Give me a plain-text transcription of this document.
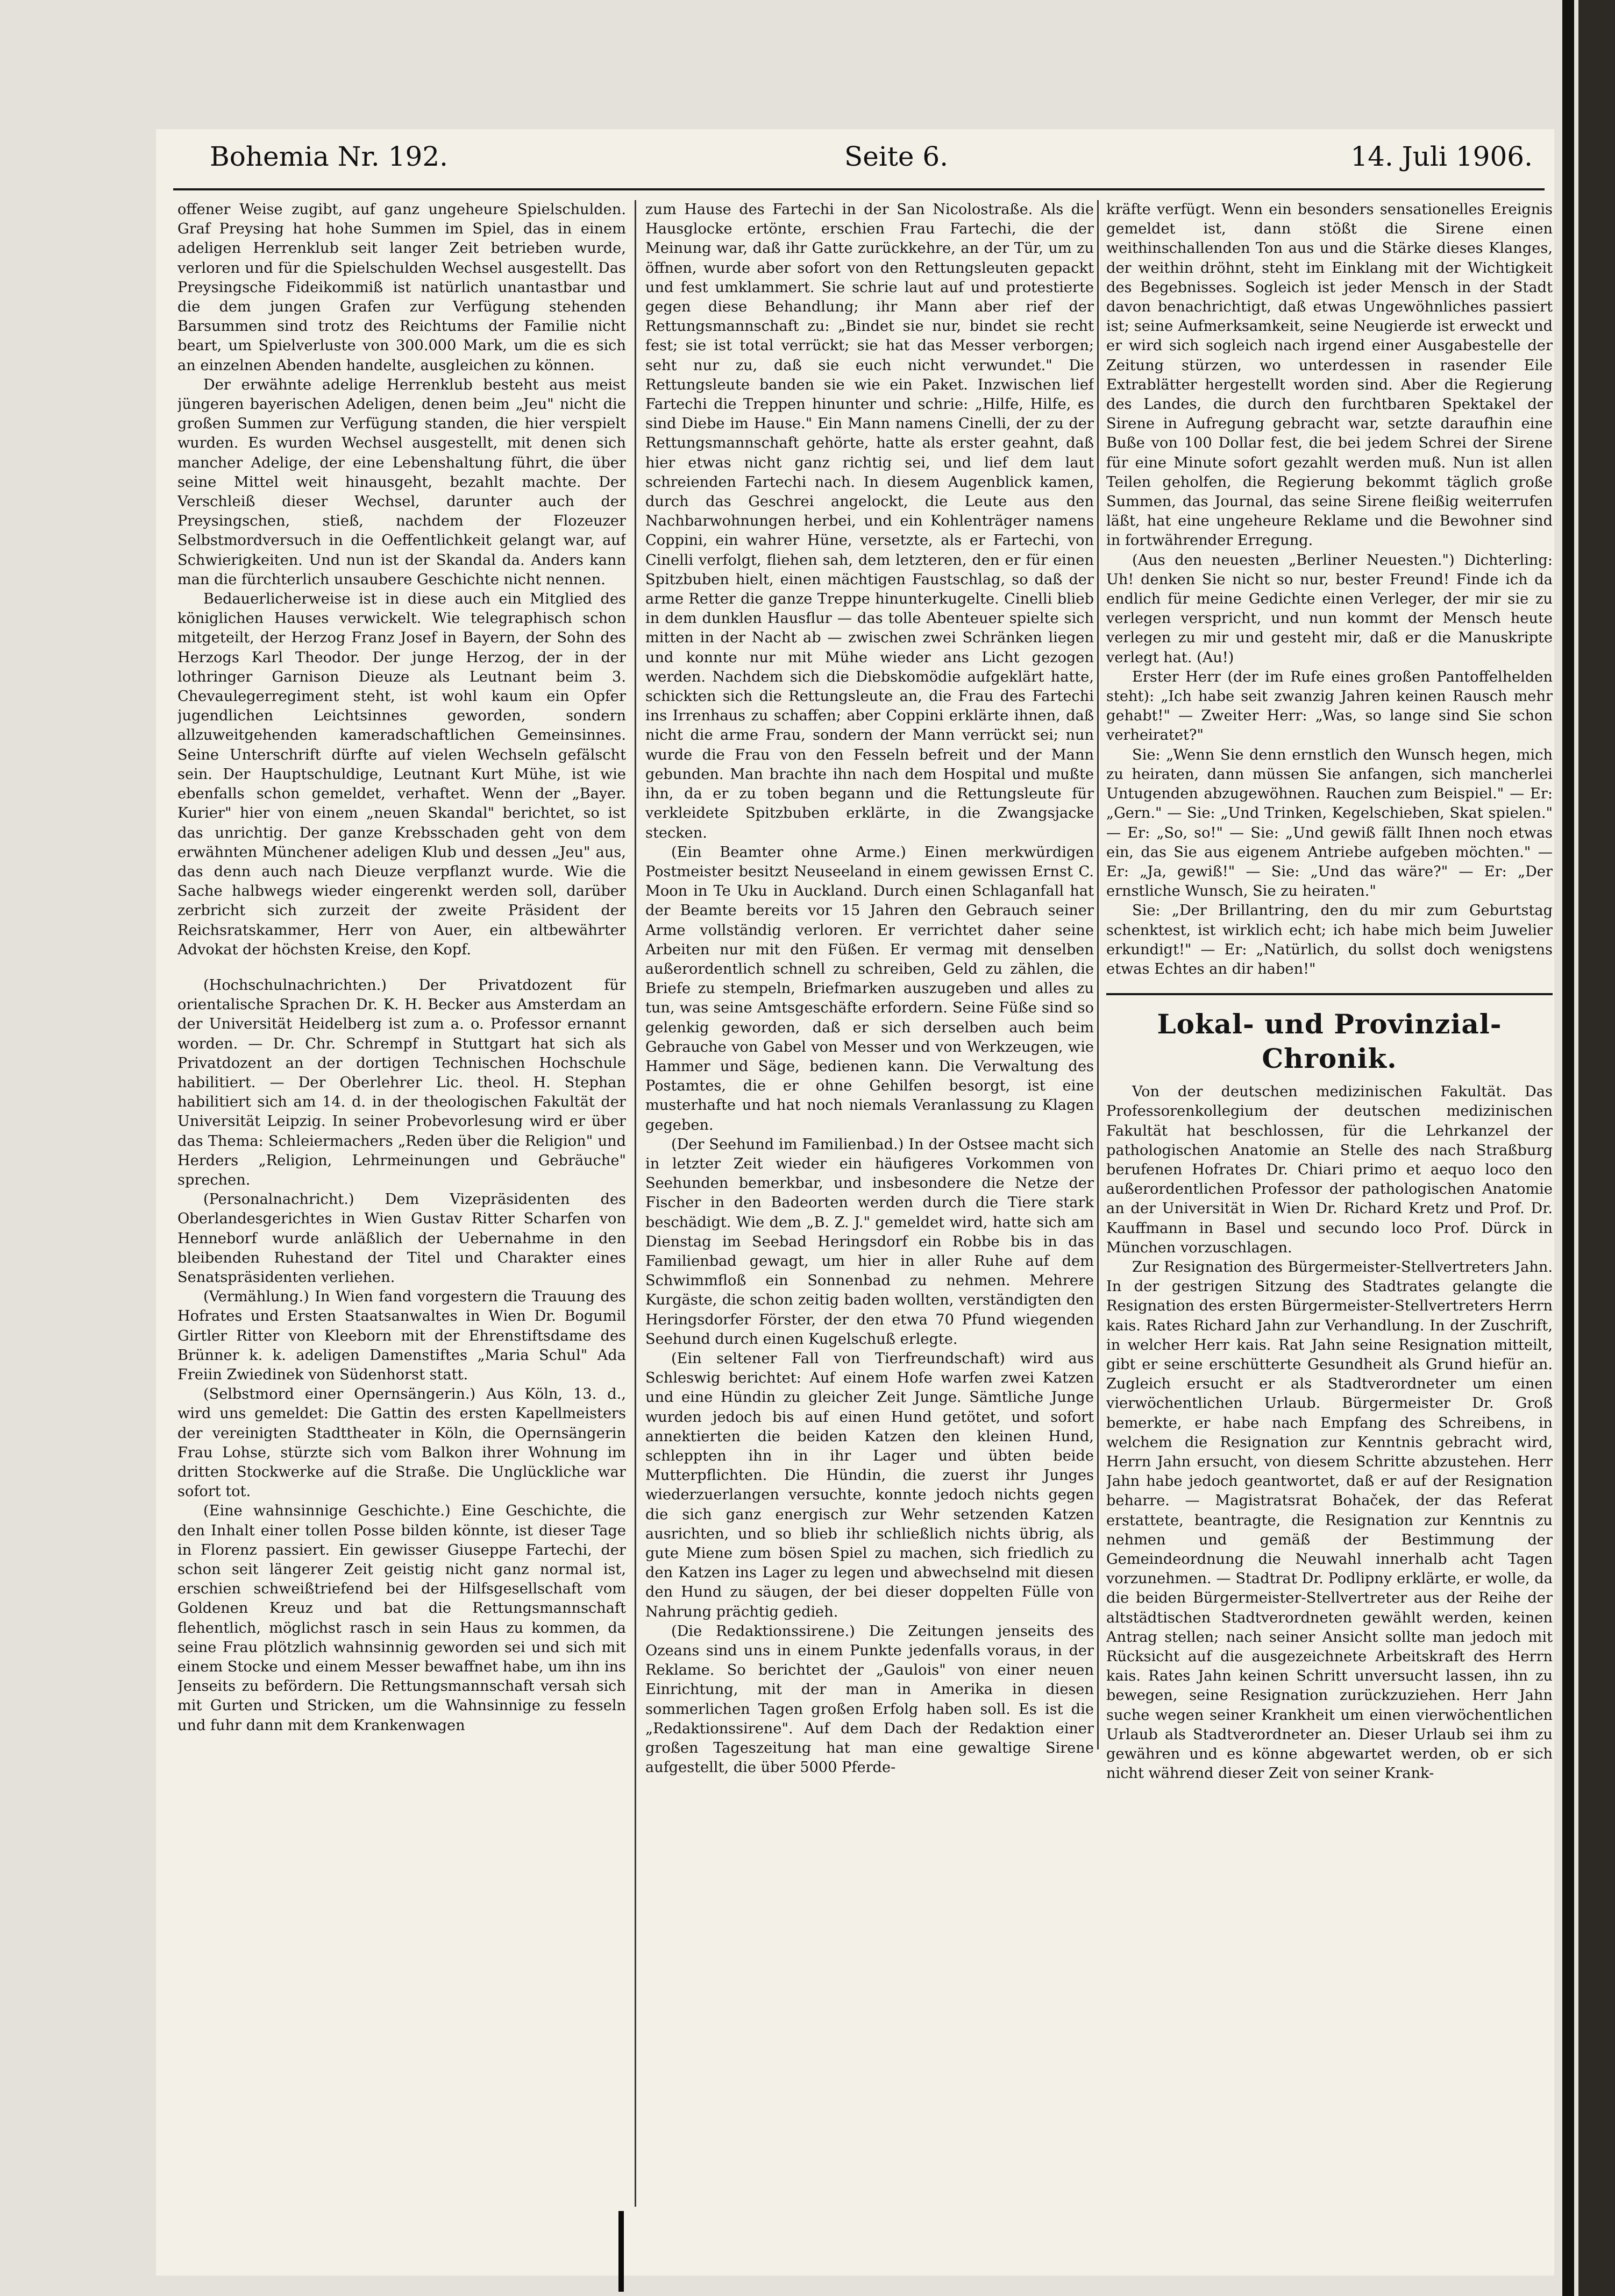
Bohemia Nr. 192.	Seite 6.	14. Juli 1906.

offener Weise zugibt, auf ganz ungeheure Spielschulden. Graf Preysing hat hohe Summen im Spiel, das in einem adeligen Herrenklub seit langer Zeit betrieben wurde, verloren und für die Spielschulden Wechsel ausgestellt. Das Preysingsche Fideikommiß ist natürlich unantastbar und die dem jungen Grafen zur Verfügung stehenden Barsummen sind trotz des Reichtums der Familie nicht beart, um Spielverluste von 300.000 Mark, um die es sich an einzelnen Abenden handelte, ausgleichen zu können.

Der erwähnte adelige Herrenklub besteht aus meist jüngeren bayerischen Adeligen, denen beim „Jeu" nicht die großen Summen zur Verfügung standen, die hier verspielt wurden. Es wurden Wechsel ausgestellt, mit denen sich mancher Adelige, der eine Lebenshaltung führt, die über seine Mittel weit hinausgeht, bezahlt machte. Der Verschleiß dieser Wechsel, darunter auch der Preysingschen, stieß, nachdem der Flozeuzer Selbstmordversuch in die Oeffentlichkeit gelangt war, auf Schwierigkeiten. Und nun ist der Skandal da. Anders kann man die fürchterlich unsaubere Geschichte nicht nennen.

Bedauerlicherweise ist in diese auch ein Mitglied des königlichen Hauses verwickelt. Wie telegraphisch schon mitgeteilt, der Herzog Franz Josef in Bayern, der Sohn des Herzogs Karl Theodor. Der junge Herzog, der in der lothringer Garnison Dieuze als Leutnant beim 3. Chevaulegerregiment steht, ist wohl kaum ein Opfer jugendlichen Leichtsinnes geworden, sondern allzuweitgehenden kameradschaftlichen Gemeinsinnes. Seine Unterschrift dürfte auf vielen Wechseln gefälscht sein. Der Hauptschuldige, Leutnant Kurt Mühe, ist wie ebenfalls schon gemeldet, verhaftet. Wenn der „Bayer. Kurier" hier von einem „neuen Skandal" berichtet, so ist das unrichtig. Der ganze Krebsschaden geht von dem erwähnten Münchener adeligen Klub und dessen „Jeu" aus, das denn auch nach Dieuze verpflanzt wurde. Wie die Sache halbwegs wieder eingerenkt werden soll, darüber zerbricht sich zurzeit der zweite Präsident der Reichsratskammer, Herr von Auer, ein altbewährter Advokat der höchsten Kreise, den Kopf.

(Hochschulnachrichten.) Der Privatdozent für orientalische Sprachen Dr. K. H. Becker aus Amsterdam an der Universität Heidelberg ist zum a. o. Professor ernannt worden. — Dr. Chr. Schrempf in Stuttgart hat sich als Privatdozent an der dortigen Technischen Hochschule habilitiert. — Der Oberlehrer Lic. theol. H. Stephan habilitiert sich am 14. d. in der theologischen Fakultät der Universität Leipzig. In seiner Probevorlesung wird er über das Thema: Schleiermachers „Reden über die Religion" und Herders „Religion, Lehrmeinungen und Gebräuche" sprechen.

(Personalnachricht.) Dem Vizepräsidenten des Oberlandesgerichtes in Wien Gustav Ritter Scharfen von Henneborf wurde anläßlich der Uebernahme in den bleibenden Ruhestand der Titel und Charakter eines Senatspräsidenten verliehen.

(Vermählung.) In Wien fand vorgestern die Trauung des Hofrates und Ersten Staatsanwaltes in Wien Dr. Bogumil Girtler Ritter von Kleeborn mit der Ehrenstiftsdame des Brünner k. k. adeligen Damenstiftes „Maria Schul" Ada Freiin Zwiedinek von Südenhorst statt.

(Selbstmord einer Opernsängerin.) Aus Köln, 13. d., wird uns gemeldet: Die Gattin des ersten Kapellmeisters der vereinigten Stadttheater in Köln, die Opernsängerin Frau Lohse, stürzte sich vom Balkon ihrer Wohnung im dritten Stockwerke auf die Straße. Die Unglückliche war sofort tot.

(Eine wahnsinnige Geschichte.) Eine Geschichte, die den Inhalt einer tollen Posse bilden könnte, ist dieser Tage in Florenz passiert. Ein gewisser Giuseppe Fartechi, der schon seit längerer Zeit geistig nicht ganz normal ist, erschien schweißtriefend bei der Hilfsgesellschaft vom Goldenen Kreuz und bat die Rettungsmannschaft flehentlich, möglichst rasch in sein Haus zu kommen, da seine Frau plötzlich wahnsinnig geworden sei und sich mit einem Stocke und einem Messer bewaffnet habe, um ihn ins Jenseits zu befördern. Die Rettungsmannschaft versah sich mit Gurten und Stricken, um die Wahnsinnige zu fesseln und fuhr dann mit dem Krankenwagen

zum Hause des Fartechi in der San Nicolostraße. Als die Hausglocke ertönte, erschien Frau Fartechi, die der Meinung war, daß ihr Gatte zurückkehre, an der Tür, um zu öffnen, wurde aber sofort von den Rettungsleuten gepackt und fest umklammert. Sie schrie laut auf und protestierte gegen diese Behandlung; ihr Mann aber rief der Rettungsmannschaft zu: „Bindet sie nur, bindet sie recht fest; sie ist total verrückt; sie hat das Messer verborgen; seht nur zu, daß sie euch nicht verwundet." Die Rettungsleute banden sie wie ein Paket. Inzwischen lief Fartechi die Treppen hinunter und schrie: „Hilfe, Hilfe, es sind Diebe im Hause." Ein Mann namens Cinelli, der zu der Rettungsmannschaft gehörte, hatte als erster geahnt, daß hier etwas nicht ganz richtig sei, und lief dem laut schreienden Fartechi nach. In diesem Augenblick kamen, durch das Geschrei angelockt, die Leute aus den Nachbarwohnungen herbei, und ein Kohlenträger namens Coppini, ein wahrer Hüne, versetzte, als er Fartechi, von Cinelli verfolgt, fliehen sah, dem letzteren, den er für einen Spitzbuben hielt, einen mächtigen Faustschlag, so daß der arme Retter die ganze Treppe hinunterkugelte. Cinelli blieb in dem dunklen Hausflur — das tolle Abenteuer spielte sich mitten in der Nacht ab — zwischen zwei Schränken liegen und konnte nur mit Mühe wieder ans Licht gezogen werden. Nachdem sich die Diebskomödie aufgeklärt hatte, schickten sich die Rettungsleute an, die Frau des Fartechi ins Irrenhaus zu schaffen; aber Coppini erklärte ihnen, daß nicht die arme Frau, sondern der Mann verrückt sei; nun wurde die Frau von den Fesseln befreit und der Mann gebunden. Man brachte ihn nach dem Hospital und mußte ihn, da er zu toben begann und die Rettungsleute für verkleidete Spitzbuben erklärte, in die Zwangsjacke stecken.

(Ein Beamter ohne Arme.) Einen merkwürdigen Postmeister besitzt Neuseeland in einem gewissen Ernst C. Moon in Te Uku in Auckland. Durch einen Schlaganfall hat der Beamte bereits vor 15 Jahren den Gebrauch seiner Arme vollständig verloren. Er verrichtet daher seine Arbeiten nur mit den Füßen. Er vermag mit denselben außerordentlich schnell zu schreiben, Geld zu zählen, die Briefe zu stempeln, Briefmarken auszugeben und alles zu tun, was seine Amtsgeschäfte erfordern. Seine Füße sind so gelenkig geworden, daß er sich derselben auch beim Gebrauche von Gabel von Messer und von Werkzeugen, wie Hammer und Säge, bedienen kann. Die Verwaltung des Postamtes, die er ohne Gehilfen besorgt, ist eine musterhafte und hat noch niemals Veranlassung zu Klagen gegeben.

(Der Seehund im Familienbad.) In der Ostsee macht sich in letzter Zeit wieder ein häufigeres Vorkommen von Seehunden bemerkbar, und insbesondere die Netze der Fischer in den Badeorten werden durch die Tiere stark beschädigt. Wie dem „B. Z. J." gemeldet wird, hatte sich am Dienstag im Seebad Heringsdorf ein Robbe bis in das Familienbad gewagt, um hier in aller Ruhe auf dem Schwimmfloß ein Sonnenbad zu nehmen. Mehrere Kurgäste, die schon zeitig baden wollten, verständigten den Heringsdorfer Förster, der den etwa 70 Pfund wiegenden Seehund durch einen Kugelschuß erlegte.

(Ein seltener Fall von Tierfreundschaft) wird aus Schleswig berichtet: Auf einem Hofe warfen zwei Katzen und eine Hündin zu gleicher Zeit Junge. Sämtliche Junge wurden jedoch bis auf einen Hund getötet, und sofort annektierten die beiden Katzen den kleinen Hund, schleppten ihn in ihr Lager und übten beide Mutterpflichten. Die Hündin, die zuerst ihr Junges wiederzuerlangen versuchte, konnte jedoch nichts gegen die sich ganz energisch zur Wehr setzenden Katzen ausrichten, und so blieb ihr schließlich nichts übrig, als gute Miene zum bösen Spiel zu machen, sich friedlich zu den Katzen ins Lager zu legen und abwechselnd mit diesen den Hund zu säugen, der bei dieser doppelten Fülle von Nahrung prächtig gedieh.

(Die Redaktionssirene.) Die Zeitungen jenseits des Ozeans sind uns in einem Punkte jedenfalls voraus, in der Reklame. So berichtet der „Gaulois" von einer neuen Einrichtung, mit der man in Amerika in diesen sommerlichen Tagen großen Erfolg haben soll. Es ist die „Redaktionssirene". Auf dem Dach der Redaktion einer großen Tageszeitung hat man eine gewaltige Sirene aufgestellt, die über 5000 Pferde-

kräfte verfügt. Wenn ein besonders sensationelles Ereignis gemeldet ist, dann stößt die Sirene einen weithinschallenden Ton aus und die Stärke dieses Klanges, der weithin dröhnt, steht im Einklang mit der Wichtigkeit des Begebnisses. Sogleich ist jeder Mensch in der Stadt davon benachrichtigt, daß etwas Ungewöhnliches passiert ist; seine Aufmerksamkeit, seine Neugierde ist erweckt und er wird sich sogleich nach irgend einer Ausgabestelle der Zeitung stürzen, wo unterdessen in rasender Eile Extrablätter hergestellt worden sind. Aber die Regierung des Landes, die durch den furchtbaren Spektakel der Sirene in Aufregung gebracht war, setzte daraufhin eine Buße von 100 Dollar fest, die bei jedem Schrei der Sirene für eine Minute sofort gezahlt werden muß. Nun ist allen Teilen geholfen, die Regierung bekommt täglich große Summen, das Journal, das seine Sirene fleißig weiterrufen läßt, hat eine ungeheure Reklame und die Bewohner sind in fortwährender Erregung.

(Aus den neuesten „Berliner Neuesten.") Dichterling: Uh! denken Sie nicht so nur, bester Freund! Finde ich da endlich für meine Gedichte einen Verleger, der mir sie zu verlegen verspricht, und nun kommt der Mensch heute verlegen zu mir und gesteht mir, daß er die Manuskripte verlegt hat. (Au!)

Erster Herr (der im Rufe eines großen Pantoffelhelden steht): „Ich habe seit zwanzig Jahren keinen Rausch mehr gehabt!" — Zweiter Herr: „Was, so lange sind Sie schon verheiratet?"

Sie: „Wenn Sie denn ernstlich den Wunsch hegen, mich zu heiraten, dann müssen Sie anfangen, sich mancherlei Untugenden abzugewöhnen. Rauchen zum Beispiel." — Er: „Gern." — Sie: „Und Trinken, Kegelschieben, Skat spielen." — Er: „So, so!" — Sie: „Und gewiß fällt Ihnen noch etwas ein, das Sie aus eigenem Antriebe aufgeben möchten." — Er: „Ja, gewiß!" — Sie: „Und das wäre?" — Er: „Der ernstliche Wunsch, Sie zu heiraten."

Sie: „Der Brillantring, den du mir zum Geburtstag schenktest, ist wirklich echt; ich habe mich beim Juwelier erkundigt!" — Er: „Natürlich, du sollst doch wenigstens etwas Echtes an dir haben!"

Lokal- und Provinzial-Chronik.

Von der deutschen medizinischen Fakultät. Das Professorenkollegium der deutschen medizinischen Fakultät hat beschlossen, für die Lehrkanzel der pathologischen Anatomie an Stelle des nach Straßburg berufenen Hofrates Dr. Chiari primo et aequo loco den außerordentlichen Professor der pathologischen Anatomie an der Universität in Wien Dr. Richard Kretz und Prof. Dr. Kauffmann in Basel und secundo loco Prof. Dürck in München vorzuschlagen.

Zur Resignation des Bürgermeister-Stellvertreters Jahn. In der gestrigen Sitzung des Stadtrates gelangte die Resignation des ersten Bürgermeister-Stellvertreters Herrn kais. Rates Richard Jahn zur Verhandlung. In der Zuschrift, in welcher Herr kais. Rat Jahn seine Resignation mitteilt, gibt er seine erschütterte Gesundheit als Grund hiefür an. Zugleich ersucht er als Stadtverordneter um einen vierwöchentlichen Urlaub. Bürgermeister Dr. Groß bemerkte, er habe nach Empfang des Schreibens, in welchem die Resignation zur Kenntnis gebracht wird, Herrn Jahn ersucht, von diesem Schritte abzustehen. Herr Jahn habe jedoch geantwortet, daß er auf der Resignation beharre. — Magistratsrat Bohaček, der das Referat erstattete, beantragte, die Resignation zur Kenntnis zu nehmen und gemäß der Bestimmung der Gemeindeordnung die Neuwahl innerhalb acht Tagen vorzunehmen. — Stadtrat Dr. Podlipny erklärte, er wolle, da die beiden Bürgermeister-Stellvertreter aus der Reihe der altstädtischen Stadtverordneten gewählt werden, keinen Antrag stellen; nach seiner Ansicht sollte man jedoch mit Rücksicht auf die ausgezeichnete Arbeitskraft des Herrn kais. Rates Jahn keinen Schritt unversucht lassen, ihn zu bewegen, seine Resignation zurückzuziehen. Herr Jahn suche wegen seiner Krankheit um einen vierwöchentlichen Urlaub als Stadtverordneter an. Dieser Urlaub sei ihm zu gewähren und es könne abgewartet werden, ob er sich nicht während dieser Zeit von seiner Krank-
